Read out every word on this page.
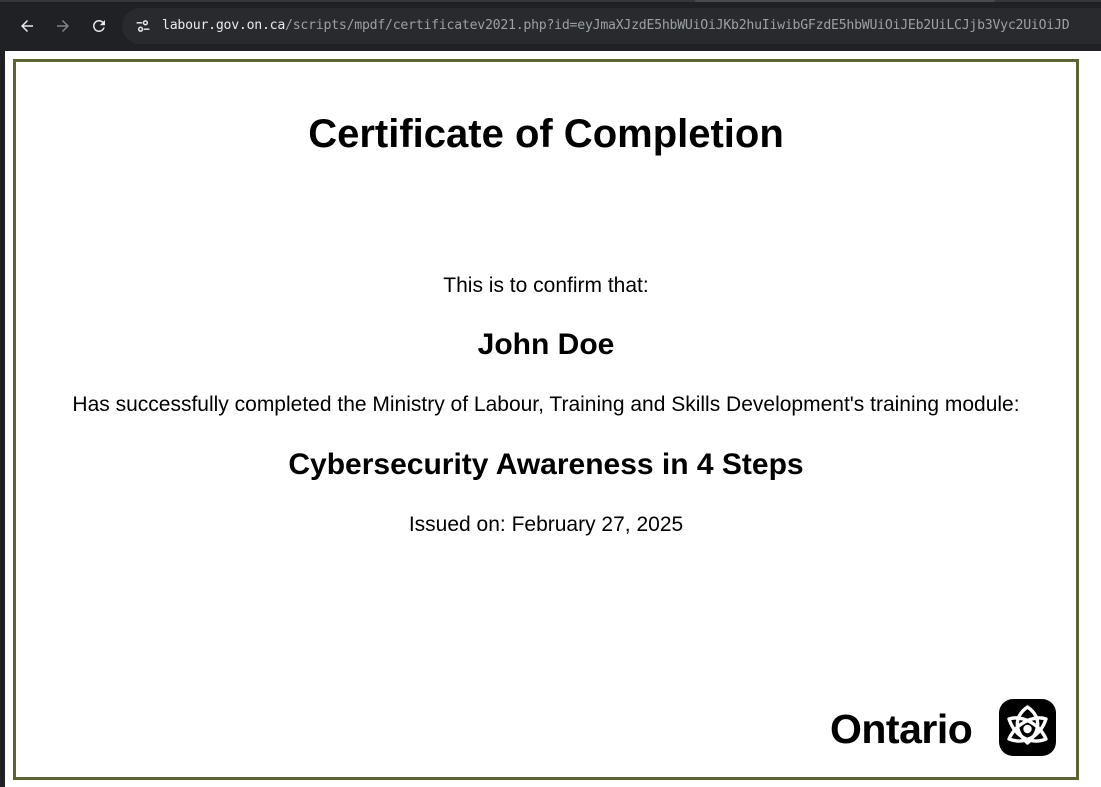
labour.gov.on.ca/scripts/mpdf/certificatev2021.php?id=eyJmaXJzdE5hbWUiOiJKb2huIiwibGFzdE5hbWUiOiJEb2UiLCJjb3Vyc2UiOiJD
Certificate of Completion
This is to confirm that:
John Doe
Has successfully completed the Ministry of Labour, Training and Skills Development's training module:
Cybersecurity Awareness in 4 Steps
Issued on: February 27, 2025
Ontario
